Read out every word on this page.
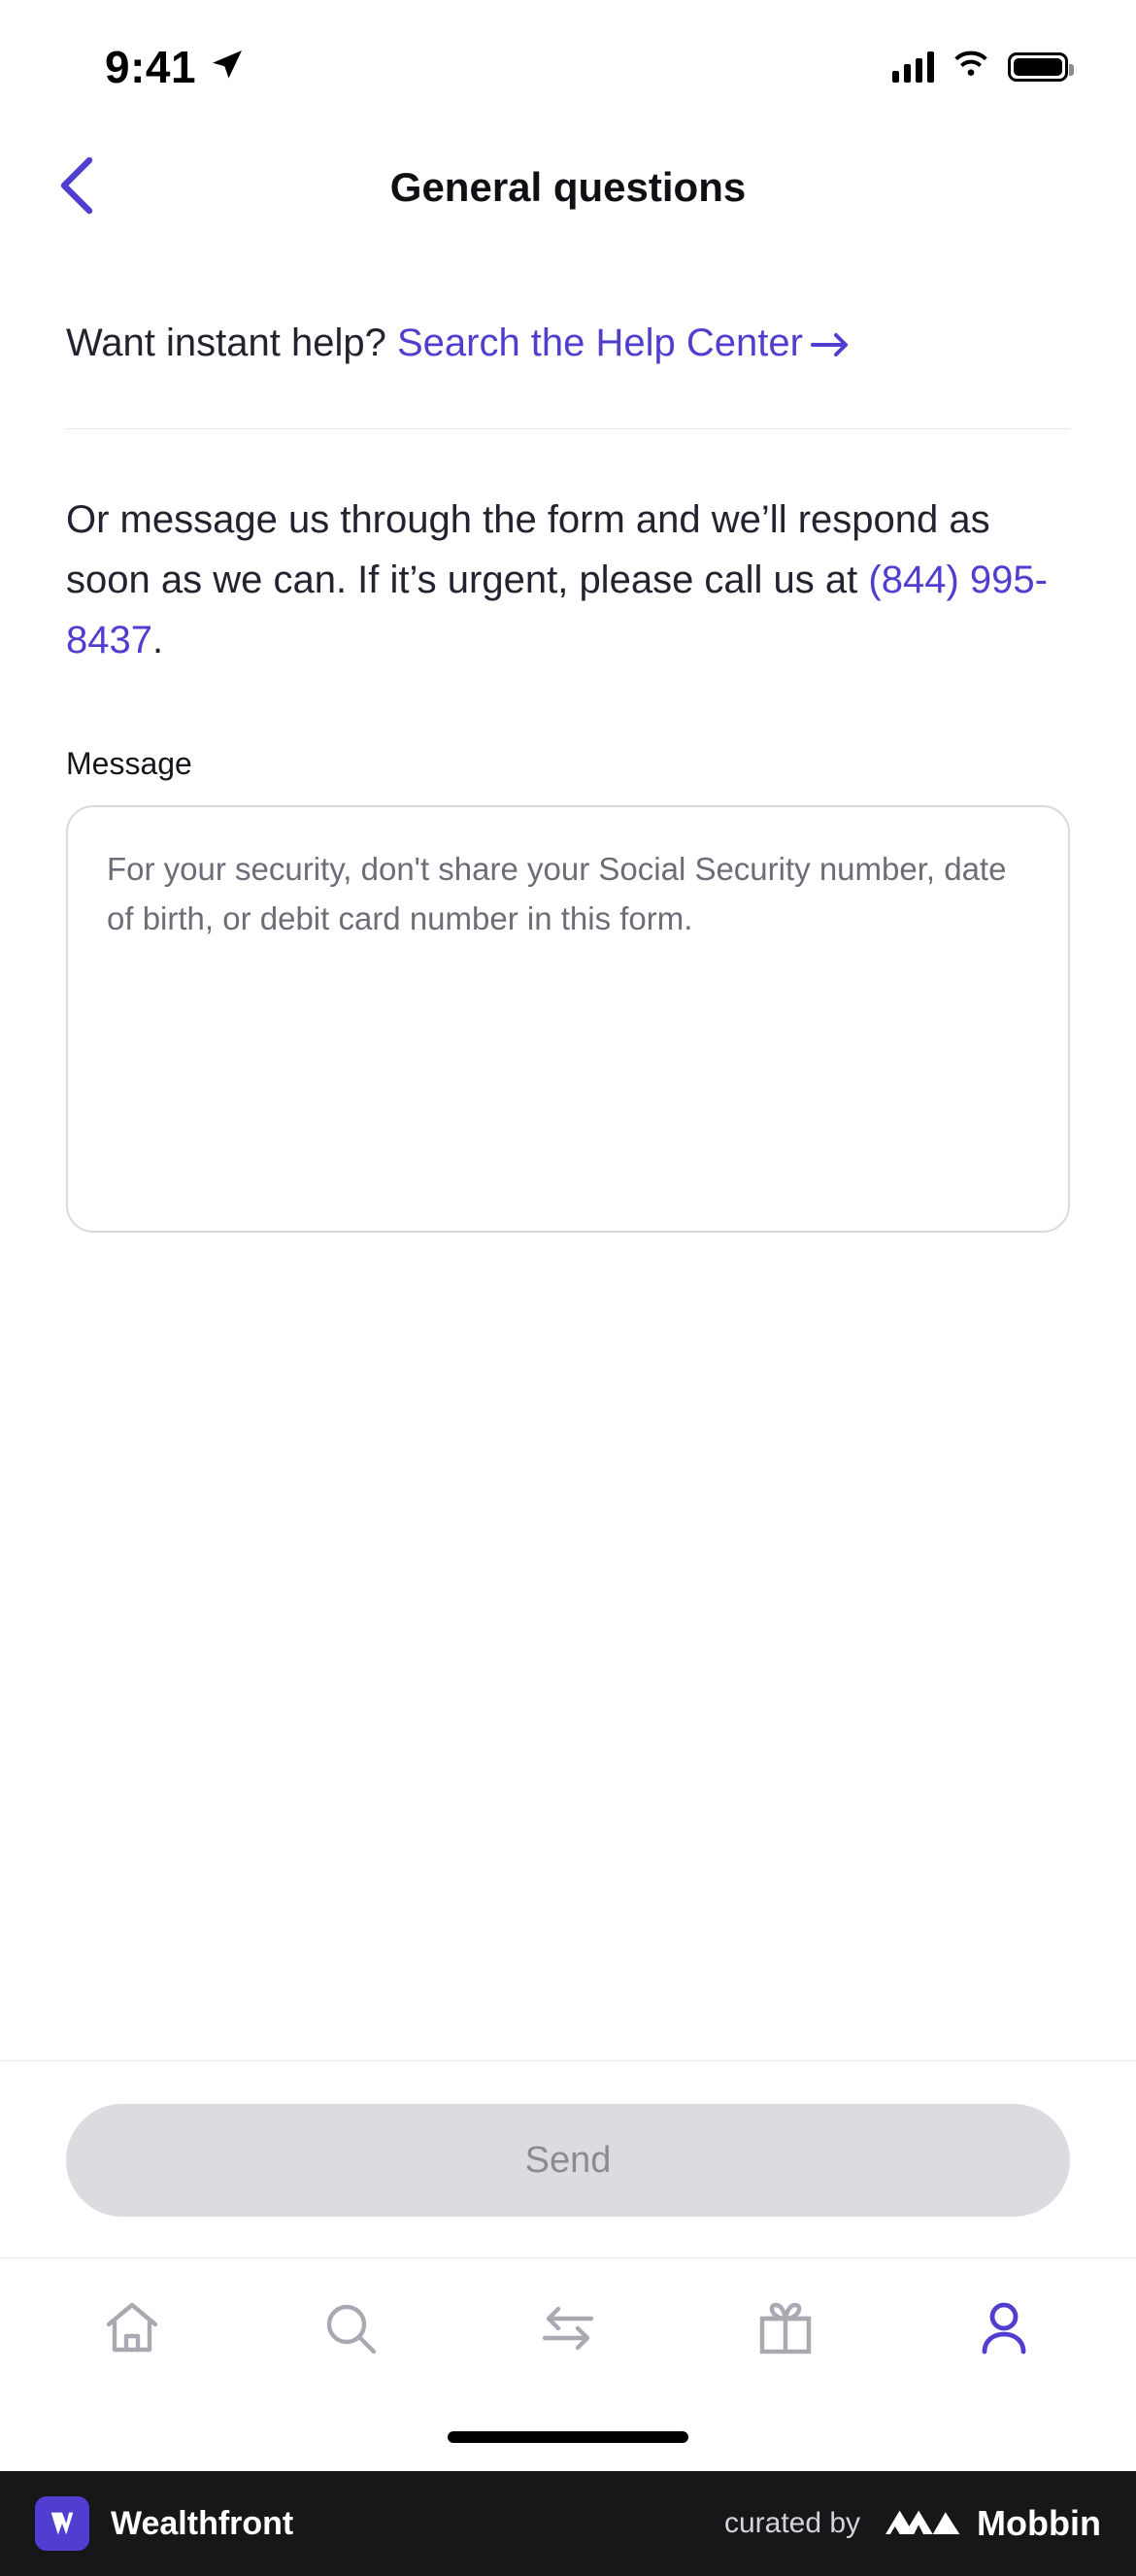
9:41
General questions
Want instant help? Search the Help Center
Or message us through the form and we’ll respond as soon as we can. If it’s urgent, please call us at (844) 995-8437.
Message
For your security, don't share your Social Security number, date of birth, or debit card number in this form.
Send
Wealthfront	curated by	Mobbin
